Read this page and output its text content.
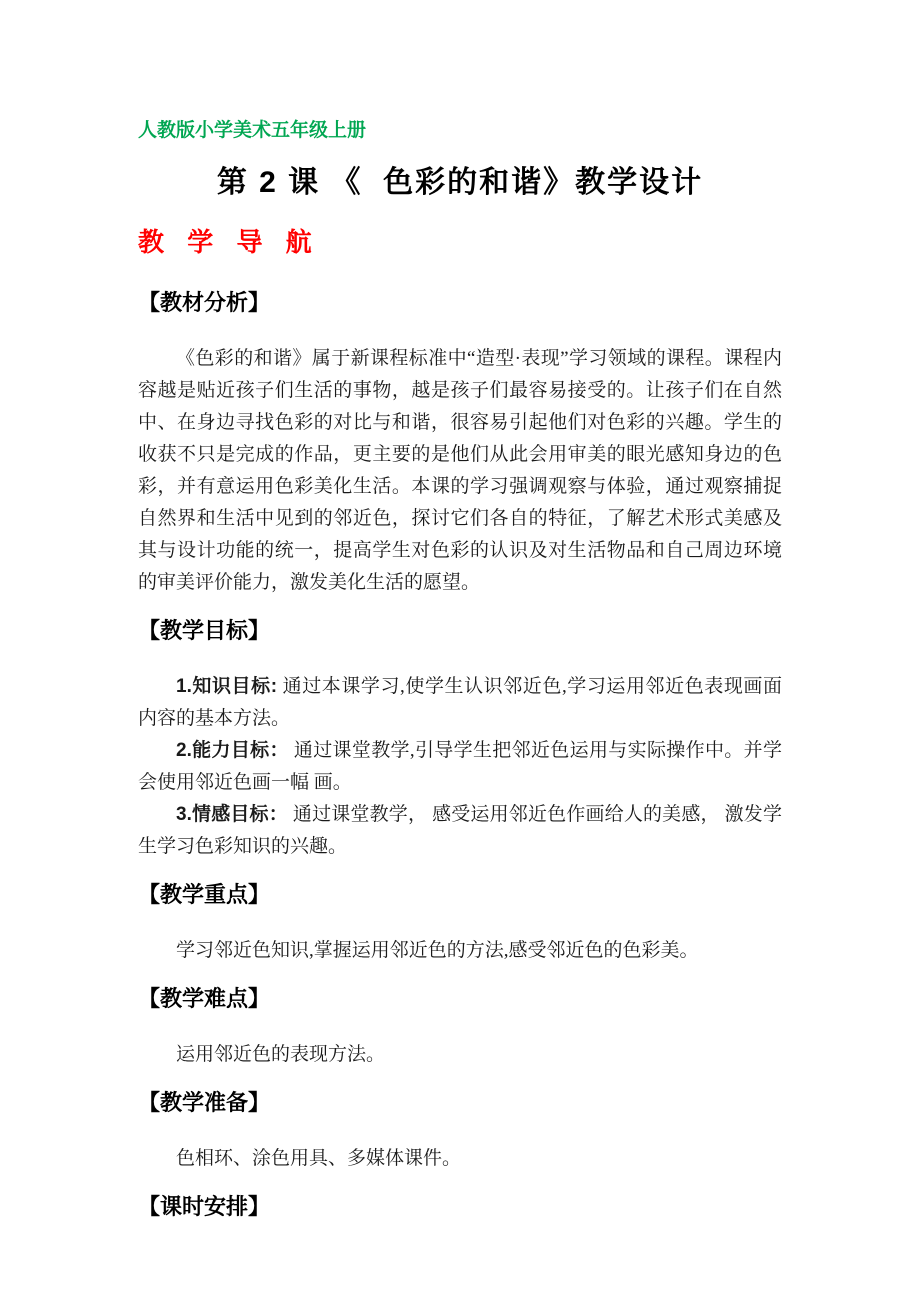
人教版小学美术五年级上册
第 2 课 《  色彩的和谐》教学设计
教 学 导 航
【教材分析】

《色彩的和谐》属于新课程标准中“造型·表现”学习领域的课程。课程内容越是贴近孩子们生活的事物，越是孩子们最容易接受的。让孩子们在自然中、在身边寻找色彩的对比与和谐，很容易引起他们对色彩的兴趣。学生的收获不只是完成的作品，更主要的是他们从此会用审美的眼光感知身边的色彩，并有意运用色彩美化生活。本课的学习强调观察与体验，通过观察捕捉自然界和生活中见到的邻近色，探讨它们各自的特征，了解艺术形式美感及其与设计功能的统一，提高学生对色彩的认识及对生活物品和自己周边环境的审美评价能力，激发美化生活的愿望。

【教学目标】

1.知识目标: 通过本课学习,使学生认识邻近色,学习运用邻近色表现画面内容的基本方法。

2.能力目标： 通过课堂教学,引导学生把邻近色运用与实际操作中。并学会使用邻近色画一幅 画。

3.情感目标： 通过课堂教学， 感受运用邻近色作画给人的美感， 激发学生学习色彩知识的兴趣。

【教学重点】

学习邻近色知识,掌握运用邻近色的方法,感受邻近色的色彩美。

【教学难点】

运用邻近色的表现方法。

【教学准备】

色相环、涂色用具、多媒体课件。

【课时安排】
